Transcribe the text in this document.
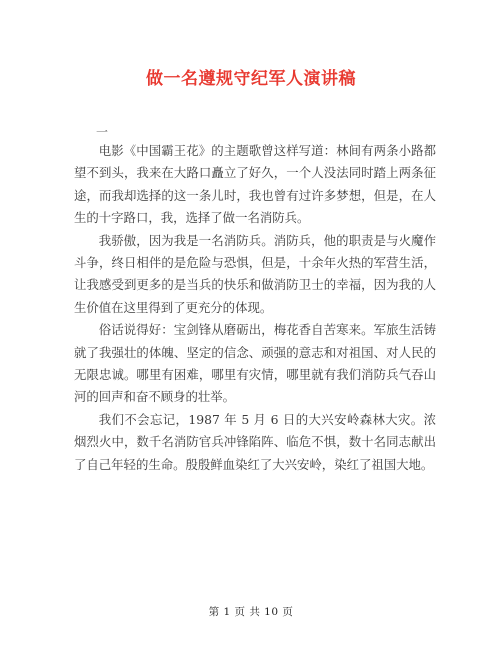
做一名遵规守纪军人演讲稿
一

电影《中国霸王花》的主题歌曾这样写道：林间有两条小路都望不到头，我来在大路口矗立了好久，一个人没法同时踏上两条征途，而我却选择的这一条儿时，我也曾有过许多梦想，但是，在人生的十字路口，我，选择了做一名消防兵。

我骄傲，因为我是一名消防兵。消防兵，他的职责是与火魔作斗争，终日相伴的是危险与恐惧，但是，十余年火热的军营生活，让我感受到更多的是当兵的快乐和做消防卫士的幸福，因为我的人生价值在这里得到了更充分的体现。

俗话说得好：宝剑锋从磨砺出，梅花香自苦寒来。军旅生活铸就了我强壮的体魄、坚定的信念、顽强的意志和对祖国、对人民的无限忠诚。哪里有困难，哪里有灾情，哪里就有我们消防兵气吞山河的回声和奋不顾身的壮举。

我们不会忘记，1987 年 5 月 6 日的大兴安岭森林大灾。浓烟烈火中，数千名消防官兵冲锋陷阵、临危不惧，数十名同志献出了自己年轻的生命。殷殷鲜血染红了大兴安岭，染红了祖国大地。

第 1 页 共 10 页
